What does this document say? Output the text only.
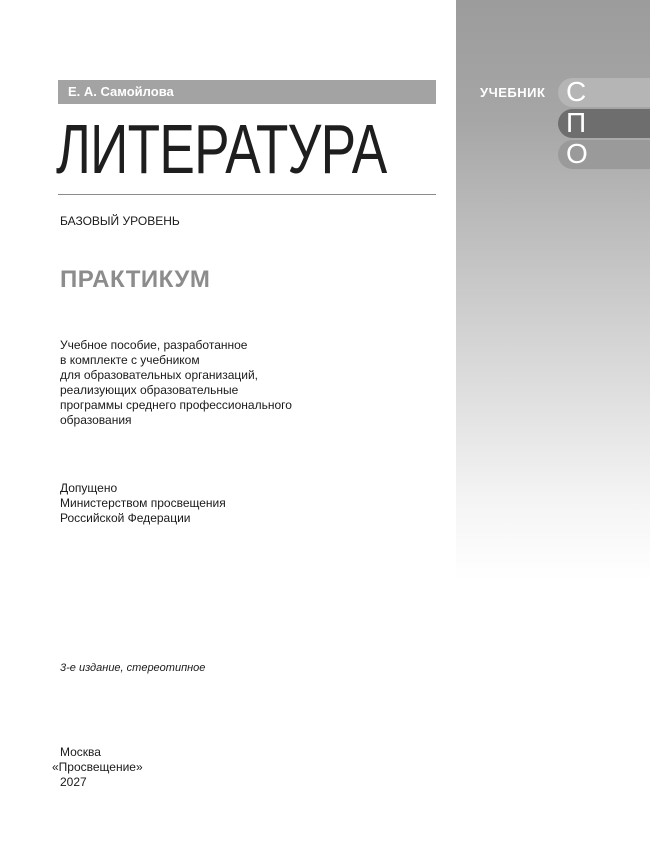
УЧЕБНИК С
П
О
Е. А. Самойлова
ЛИТЕРАТУРА
БАЗОВЫЙ УРОВЕНЬ
ПРАКТИКУМ
Учебное пособие, разработанное
в комплекте с учебником
для образовательных организаций,
реализующих образовательные
программы среднего профессионального
образования
Допущено
Министерством просвещения
Российской Федерации
3-е издание, стереотипное
Москва
«Просвещение»
2027
